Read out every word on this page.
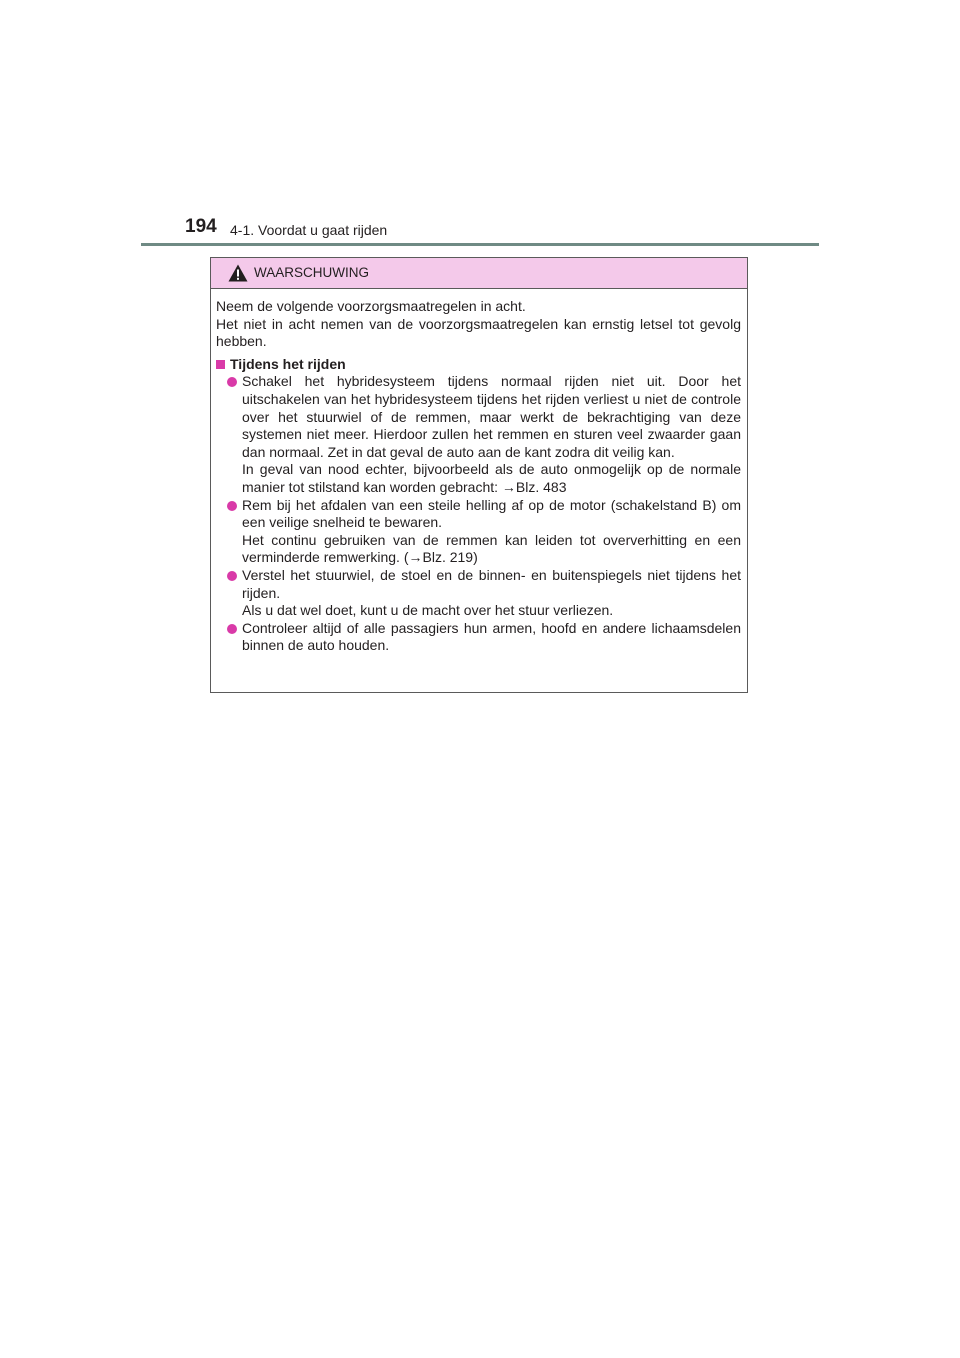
194 4-1. Voordat u gaat rijden
WAARSCHUWING

Neem de volgende voorzorgsmaatregelen in acht.

Het niet in acht nemen van de voorzorgsmaatregelen kan ernstig letsel tot gevolg hebben.

Tijdens het rijden

Schakel het hybridesysteem tijdens normaal rijden niet uit. Door het uitschakelen van het hybridesysteem tijdens het rijden verliest u niet de controle over het stuurwiel of de remmen, maar werkt de bekrachtiging van deze systemen niet meer. Hierdoor zullen het remmen en sturen veel zwaarder gaan dan normaal. Zet in dat geval de auto aan de kant zodra dit veilig kan.

In geval van nood echter, bijvoorbeeld als de auto onmogelijk op de normale manier tot stilstand kan worden gebracht: →Blz. 483

Rem bij het afdalen van een steile helling af op de motor (schakelstand B) om een veilige snelheid te bewaren.

Het continu gebruiken van de remmen kan leiden tot oververhitting en een verminderde remwerking. (→Blz. 219)

Verstel het stuurwiel, de stoel en de binnen- en buitenspiegels niet tijdens het rijden.

Als u dat wel doet, kunt u de macht over het stuur verliezen.

Controleer altijd of alle passagiers hun armen, hoofd en andere lichaamsdelen binnen de auto houden.
